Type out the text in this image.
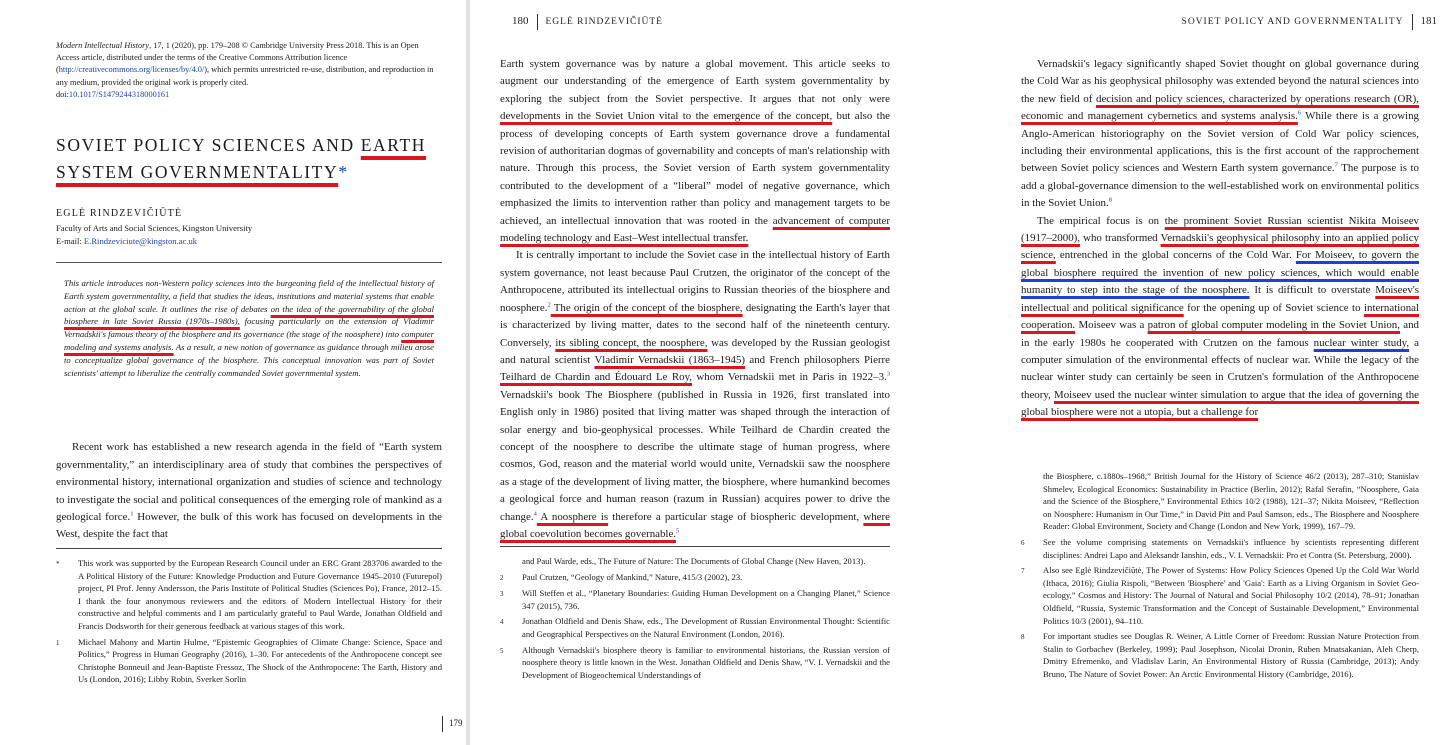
Modern Intellectual History, 17, 1 (2020), pp. 179–208 © Cambridge University Press 2018. This is an Open Access article, distributed under the terms of the Creative Commons Attribution licence (http://creativecommons.org/licenses/by/4.0/), which permits unrestricted re-use, distribution, and reproduction in any medium, provided the original work is properly cited.
doi:10.1017/S1479244318000161
SOVIET POLICY SCIENCES AND EARTH
SYSTEM GOVERNMENTALITY*
EGLĖ RINDZEVIČIŪTĖ
Faculty of Arts and Social Sciences, Kingston University
E-mail: E.Rindzeviciute@kingston.ac.uk
This article introduces non-Western policy sciences into the burgeoning field of the intellectual history of Earth system governmentality, a field that studies the ideas, institutions and material systems that enable action at the global scale. It outlines the rise of debates on the idea of the governability of the global biosphere in late Soviet Russia (1970s–1980s), focusing particularly on the extension of Vladimir Vernadskii's famous theory of the biosphere and its governance (the stage of the noosphere) into computer modeling and systems analysis. As a result, a new notion of governance as guidance through milieu arose to conceptualize global governance of the biosphere. This conceptual innovation was part of Soviet scientists' attempt to liberalize the centrally commanded Soviet governmental system.

Recent work has established a new research agenda in the field of “Earth system governmentality,” an interdisciplinary area of study that combines the perspectives of environmental history, international organization and studies of science and technology to investigate the social and political consequences of the emerging role of mankind as a geological force.$^1$ However, the bulk of this work has focused on developments in the West, despite the fact that

*	This work was supported by the European Research Council under an ERC Grant 283706 awarded to the A Political History of the Future: Knowledge Production and Future Governance 1945–2010 (Futurepol) project, PI Prof. Jenny Andersson, the Paris Institute of Political Studies (Sciences Po), France, 2012–15. I thank the four anonymous reviewers and the editors of Modern Intellectual History for their constructive and helpful comments and I am particularly grateful to Paul Warde, Jonathan Oldfield and Francis Dodsworth for their generous feedback at various stages of this work.
1	Michael Mahony and Martin Hulme, “Epistemic Geographies of Climate Change: Science, Space and Politics,” Progress in Human Geography (2016), 1–30. For antecedents of the Anthropocene concept see Christophe Bonneuil and Jean-Baptiste Fressoz, The Shock of the Anthropocene: The Earth, History and Us (London, 2016); Libby Robin, Sverker Sorlin
179
180 EGLĖ RINDZEVIČIŪTĖ

Earth system governance was by nature a global movement. This article seeks to augment our understanding of the emergence of Earth system governmentality by exploring the subject from the Soviet perspective. It argues that not only were developments in the Soviet Union vital to the emergence of the concept, but also the process of developing concepts of Earth system governance drove a fundamental revision of authoritarian dogmas of governability and concepts of man's relationship with nature. Through this process, the Soviet version of Earth system governmentality contributed to the development of a “liberal” model of negative governance, which emphasized the limits to intervention rather than policy and management targets to be achieved, an intellectual innovation that was rooted in the advancement of computer modeling technology and East–West intellectual transfer.

It is centrally important to include the Soviet case in the intellectual history of Earth system governance, not least because Paul Crutzen, the originator of the concept of the Anthropocene, attributed its intellectual origins to Russian theories of the biosphere and noosphere.$^2$ The origin of the concept of the biosphere, designating the Earth's layer that is characterized by living matter, dates to the second half of the nineteenth century. Conversely, its sibling concept, the noosphere, was developed by the Russian geologist and natural scientist Vladimir Vernadskii (1863–1945) and French philosophers Pierre Teilhard de Chardin and Édouard Le Roy, whom Vernadskii met in Paris in 1922–3.$^3$ Vernadskii's book The Biosphere (published in Russia in 1926, first translated into English only in 1986) posited that living matter was shaped through the interaction of solar energy and bio-geophysical processes. While Teilhard de Chardin created the concept of the noosphere to describe the ultimate stage of human progress, where cosmos, God, reason and the material world would unite, Vernadskii saw the noosphere as a stage of the development of living matter, the biosphere, where humankind becomes a geological force and human reason (razum in Russian) acquires power to drive the change.$^4$ A noosphere is therefore a particular stage of biospheric development, where global coevolution becomes governable.$^5$

and Paul Warde, eds., The Future of Nature: The Documents of Global Change (New Haven, 2013).
2	Paul Crutzen, “Geology of Mankind,” Nature, 415/3 (2002), 23.
3	Will Steffen et al., “Planetary Boundaries: Guiding Human Development on a Changing Planet,” Science 347 (2015), 736.
4	Jonathan Oldfield and Denis Shaw, eds., The Development of Russian Environmental Thought: Scientific and Geographical Perspectives on the Natural Environment (London, 2016).
5	Although Vernadskii's biosphere theory is familiar to environmental historians, the Russian version of noosphere theory is little known in the West. Jonathan Oldfield and Denis Shaw, “V. I. Vernadskii and the Development of Biogeochemical Understandings of
SOVIET POLICY AND GOVERNMENTALITY 181

Vernadskii's legacy significantly shaped Soviet thought on global governance during the Cold War as his geophysical philosophy was extended beyond the natural sciences into the new field of decision and policy sciences, characterized by operations research (OR), economic and management cybernetics and systems analysis.$^6$ While there is a growing Anglo-American historiography on the Soviet version of Cold War policy sciences, including their environmental applications, this is the first account of the rapprochement between Soviet policy sciences and Western Earth system governance.$^7$ The purpose is to add a global-governance dimension to the well-established work on environmental politics in the Soviet Union.$^8$

The empirical focus is on the prominent Soviet Russian scientist Nikita Moiseev (1917–2000), who transformed Vernadskii's geophysical philosophy into an applied policy science, entrenched in the global concerns of the Cold War. For Moiseev, to govern the global biosphere required the invention of new policy sciences, which would enable humanity to step into the stage of the noosphere. It is difficult to overstate Moiseev's intellectual and political significance for the opening up of Soviet science to international cooperation. Moiseev was a patron of global computer modeling in the Soviet Union, and in the early 1980s he cooperated with Crutzen on the famous nuclear winter study, a computer simulation of the environmental effects of nuclear war. While the legacy of the nuclear winter study can certainly be seen in Crutzen's formulation of the Anthropocene theory, Moiseev used the nuclear winter simulation to argue that the idea of governing the global biosphere were not a utopia, but a challenge for

the Biosphere, c.1880s–1968,” British Journal for the History of Science 46/2 (2013), 287–310; Stanislav Shmelev, Ecological Economics: Sustainability in Practice (Berlin, 2012); Rafal Serafin, “Noosphere, Gaia and the Science of the Biosphere,” Environmental Ethics 10/2 (1988), 121–37; Nikita Moiseev, “Reflection on Noosphere: Humanism in Our Time,” in David Pitt and Paul Samson, eds., The Biosphere and Noosphere Reader: Global Environment, Society and Change (London and New York, 1999), 167–79.
6	See the volume comprising statements on Vernadskii's influence by scientists representing different disciplines: Andrei Lapo and Aleksandr Ianshin, eds., V. I. Vernadskii: Pro et Contra (St. Petersburg, 2000).
7	Also see Eglė Rindzevičiūtė, The Power of Systems: How Policy Sciences Opened Up the Cold War World (Ithaca, 2016); Giulia Rispoli, “Between 'Biosphere' and 'Gaia': Earth as a Living Organism in Soviet Geo-ecology,” Cosmos and History: The Journal of Natural and Social Philosophy 10/2 (2014), 78–91; Jonathan Oldfield, “Russia, Systemic Transformation and the Concept of Sustainable Development,” Environmental Politics 10/3 (2001), 94–110.
8	For important studies see Douglas R. Weiner, A Little Corner of Freedom: Russian Nature Protection from Stalin to Gorbachev (Berkeley, 1999); Paul Josephson, Nicolai Dronin, Ruben Mnatsakanian, Aleh Cherp, Dmitry Efremenko, and Vladislav Larin, An Environmental History of Russia (Cambridge, 2013); Andy Bruno, The Nature of Soviet Power: An Arctic Environmental History (Cambridge, 2016).
